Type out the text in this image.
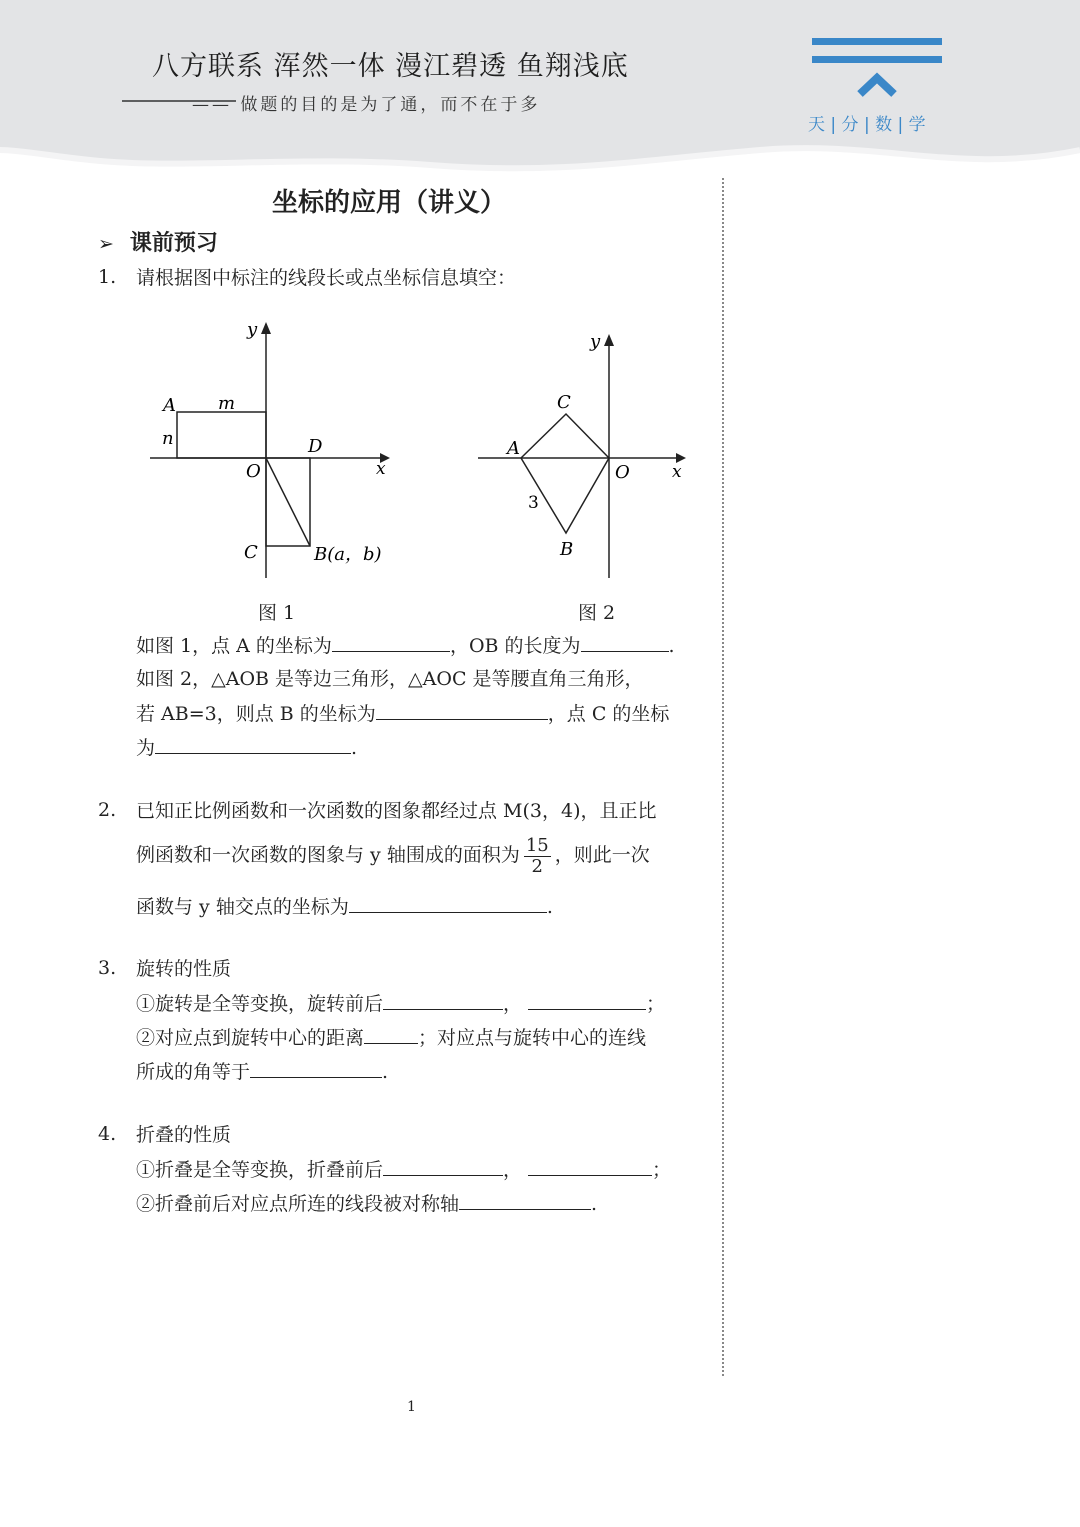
八方联系 浑然一体 漫江碧透 鱼翔浅底
—— 做题的目的是为了通，而不在于多
天 | 分 | 数 | 学
坐标的应用（讲义）
➢ 课前预习
1. 请根据图中标注的线段长或点坐标信息填空：
y
x
A m
n
O
D
C	B(a，b)
图 1
y
x
C
A
O
3
B
图 2
如图 1，点 A 的坐标为	，OB 的长度为	.
如图 2，△AOB 是等边三角形，△AOC 是等腰直角三角形，
若 AB=3，则点 B 的坐标为	，点 C 的坐标
为	.
2. 已知正比例函数和一次函数的图象都经过点 M(3，4)，且正比
例函数和一次函数的图象与 y 轴围成的面积为 $\frac{15}{2}$ ，则此一次
函数与 y 轴交点的坐标为	.
3. 旋转的性质
①旋转是全等变换，旋转前后	，	；
②对应点到旋转中心的距离	；对应点与旋转中心的连线
所成的角等于	.
4. 折叠的性质
①折叠是全等变换，折叠前后	，	；
②折叠前后对应点所连的线段被对称轴	.
1
